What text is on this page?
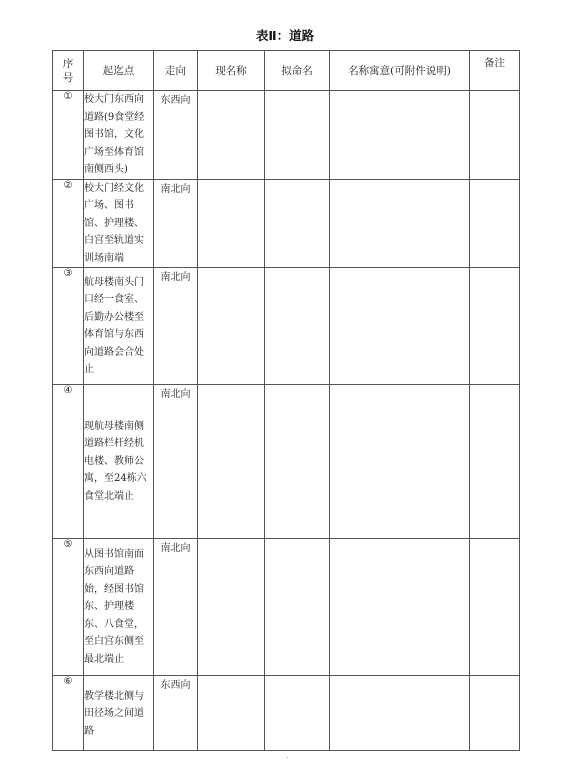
表Ⅱ：道路
序
号	起迄点	走向	现名称	拟命名	名称寓意(可附件说明)	备注
①	校大门东西向道路(9食堂经图书馆，文化广场至体育馆南侧西头)	东西向				
②	校大门经文化广场、图书馆、护理楼、白宫至轨道实训场南端	南北向				
③	航母楼南头门口经一食室、后勤办公楼至体育馆与东西向道路会合处止	南北向				
④	现航母楼南侧道路栏杆经机电楼、教师公寓，至24栋六食堂北端止	南北向				
⑤	从图书馆南面东西向道路始，经图书馆东、护理楼东、八食堂，至白宫东侧至最北端止	南北向				
⑥	教学楼北侧与田径场之间道路	东西向				
